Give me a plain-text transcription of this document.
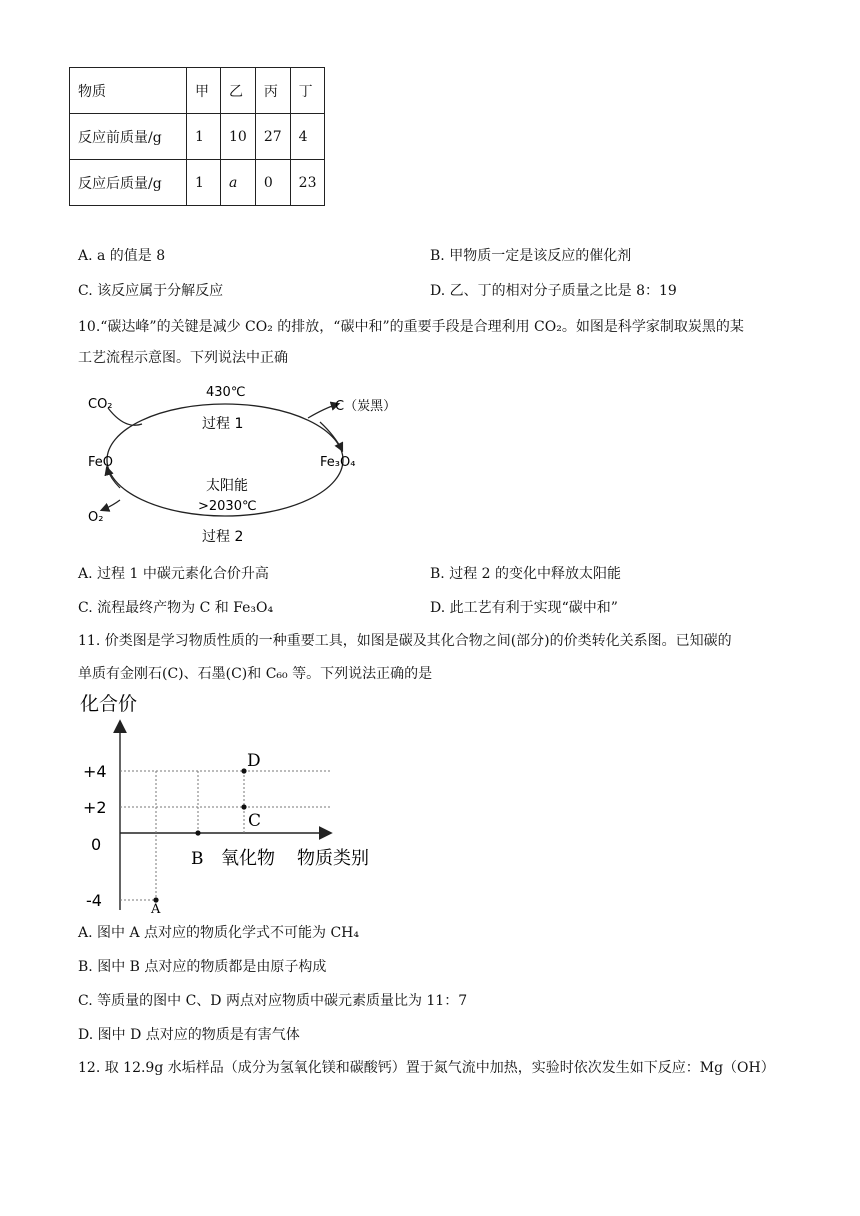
物质	甲	乙	丙	丁
反应前质量/g	1	10	27	4
反应后质量/g	1	a	0	23
A. a 的值是 8	B. 甲物质一定是该反应的催化剂
C. 该反应属于分解反应	D. 乙、丁的相对分子质量之比是 8：19
10.“碳达峰”的关键是减少 CO₂ 的排放，“碳中和”的重要手段是合理利用 CO₂。如图是科学家制取炭黑的某
工艺流程示意图。下列说法中正确
CO₂
430℃
过程 1
C（炭黑）
FeO	Fe₃O₄
太阳能
>2030℃
O₂
过程 2
A. 过程 1 中碳元素化合价升高	B. 过程 2 的变化中释放太阳能
C. 流程最终产物为 C 和 Fe₃O₄	D. 此工艺有利于实现“碳中和”
11. 价类图是学习物质性质的一种重要工具，如图是碳及其化合物之间(部分)的价类转化关系图。已知碳的
单质有金刚石(C)、石墨(C)和 C₆₀ 等。下列说法正确的是
化合价
+4
+2
0
-4	A
B
C
D
氧化物 物质类别
A. 图中 A 点对应的物质化学式不可能为 CH₄
B. 图中 B 点对应的物质都是由原子构成
C. 等质量的图中 C、D 两点对应物质中碳元素质量比为 11：7
D. 图中 D 点对应的物质是有害气体
12. 取 12.9g 水垢样品（成分为氢氧化镁和碳酸钙）置于氮气流中加热，实验时依次发生如下反应：Mg（OH）
